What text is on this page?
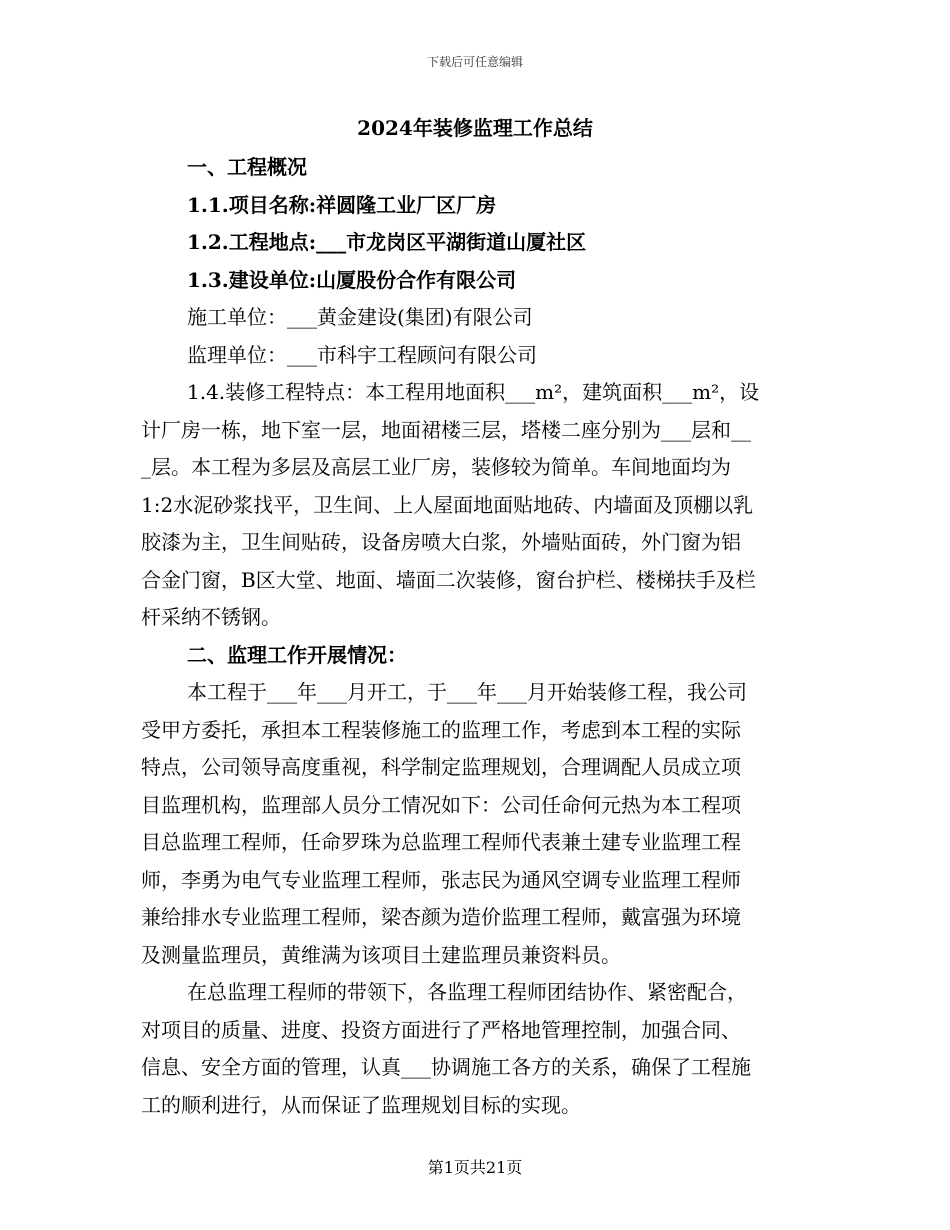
下载后可任意编辑
2024年装修监理工作总结
一、工程概况
1.1.项目名称:祥圆隆工业厂区厂房
1.2.工程地点:___市龙岗区平湖街道山厦社区
1.3.建设单位:山厦股份合作有限公司
施工单位：___黄金建设(集团)有限公司
监理单位：___市科宇工程顾问有限公司
1.4.装修工程特点：本工程用地面积___m²，建筑面积___m²，设
计厂房一栋，地下室一层，地面裙楼三层，塔楼二座分别为___层和__
_层。本工程为多层及高层工业厂房，装修较为简单。车间地面均为
1:2水泥砂浆找平，卫生间、上人屋面地面贴地砖、内墙面及顶棚以乳
胶漆为主，卫生间贴砖，设备房喷大白浆，外墙贴面砖，外门窗为铝
合金门窗，B区大堂、地面、墙面二次装修，窗台护栏、楼梯扶手及栏
杆采纳不锈钢。
二、监理工作开展情况：
本工程于___年___月开工，于___年___月开始装修工程，我公司
受甲方委托，承担本工程装修施工的监理工作，考虑到本工程的实际
特点，公司领导高度重视，科学制定监理规划，合理调配人员成立项
目监理机构，监理部人员分工情况如下：公司任命何元热为本工程项
目总监理工程师，任命罗珠为总监理工程师代表兼土建专业监理工程
师，李勇为电气专业监理工程师，张志民为通风空调专业监理工程师
兼给排水专业监理工程师，梁杏颜为造价监理工程师，戴富强为环境
及测量监理员，黄维满为该项目土建监理员兼资料员。
在总监理工程师的带领下，各监理工程师团结协作、紧密配合，
对项目的质量、进度、投资方面进行了严格地管理控制，加强合同、
信息、安全方面的管理，认真___协调施工各方的关系，确保了工程施
工的顺利进行，从而保证了监理规划目标的实现。
第1页共21页
